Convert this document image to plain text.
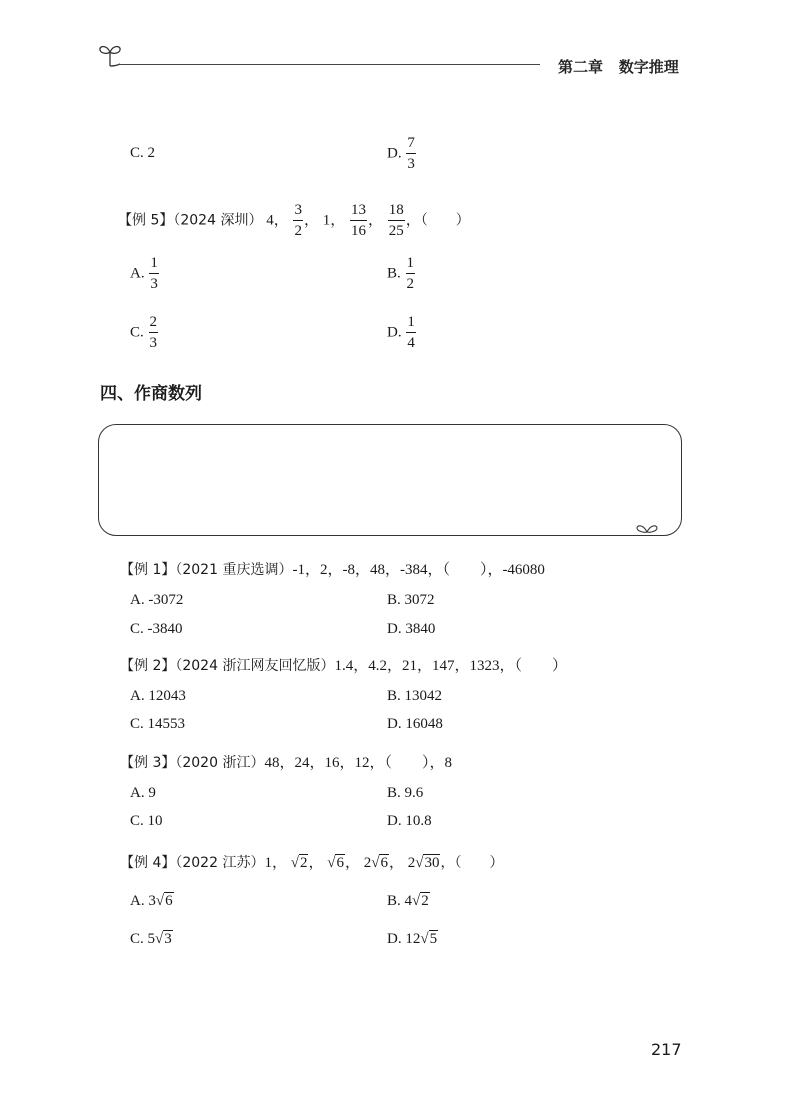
第二章 数字推理
C. 2	D. $\frac{7}{3}$
【例 5】（2024 深圳） 4， $\frac{3}{2}$ ， 1， $\frac{13}{16}$ ， $\frac{18}{25}$ ，（　　）
A. $\frac{1}{3}$	B. $\frac{1}{2}$
C. $\frac{2}{3}$	D. $\frac{1}{4}$
四、作商数列
【例 1】（2021 重庆选调）-1，2，-8，48，-384，（　　），-46080
A. -3072	B. 3072
C. -3840	D. 3840
【例 2】（2024 浙江网友回忆版）1.4，4.2，21，147，1323，（　　）
A. 12043	B. 13042
C. 14553	D. 16048
【例 3】（2020 浙江）48，24，16，12，（　　），8
A. 9	B. 9.6
C. 10	D. 10.8
【例 4】（2022 江苏）1， √2， √6， 2√6， 2√30，（　　）
A. 3√6	B. 4√2
C. 5√3	D. 12√5
217
